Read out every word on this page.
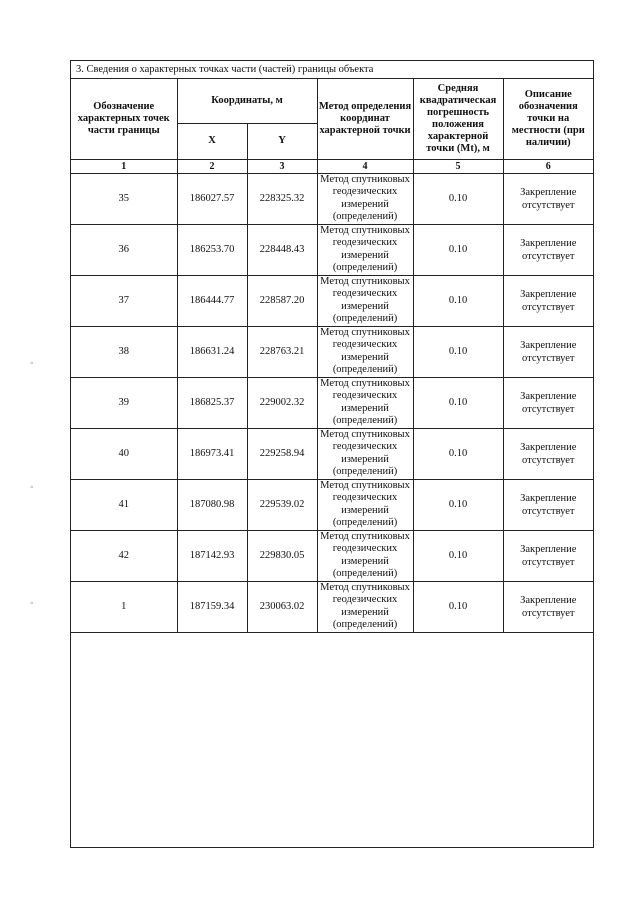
◦
◦
◦
3. Сведения о характерных точках части (частей) границы объекта
Обозначение характерных точек части границы	Координаты, м		Метод определения координат характерной точки	Средняя квадратическая погрешность положения характерной точки (Mt), м	Описание обозначения точки на местности (при наличии)
	X	Y			
1	2	3	4	5	6
35	186027.57	228325.32	Метод спутниковых геодезических измерений (определений)	0.10	Закрепление отсутствует
36	186253.70	228448.43	Метод спутниковых геодезических измерений (определений)	0.10	Закрепление отсутствует
37	186444.77	228587.20	Метод спутниковых геодезических измерений (определений)	0.10	Закрепление отсутствует
38	186631.24	228763.21	Метод спутниковых геодезических измерений (определений)	0.10	Закрепление отсутствует
39	186825.37	229002.32	Метод спутниковых геодезических измерений (определений)	0.10	Закрепление отсутствует
40	186973.41	229258.94	Метод спутниковых геодезических измерений (определений)	0.10	Закрепление отсутствует
41	187080.98	229539.02	Метод спутниковых геодезических измерений (определений)	0.10	Закрепление отсутствует
42	187142.93	229830.05	Метод спутниковых геодезических измерений (определений)	0.10	Закрепление отсутствует
1	187159.34	230063.02	Метод спутниковых геодезических измерений (определений)	0.10	Закрепление отсутствует
